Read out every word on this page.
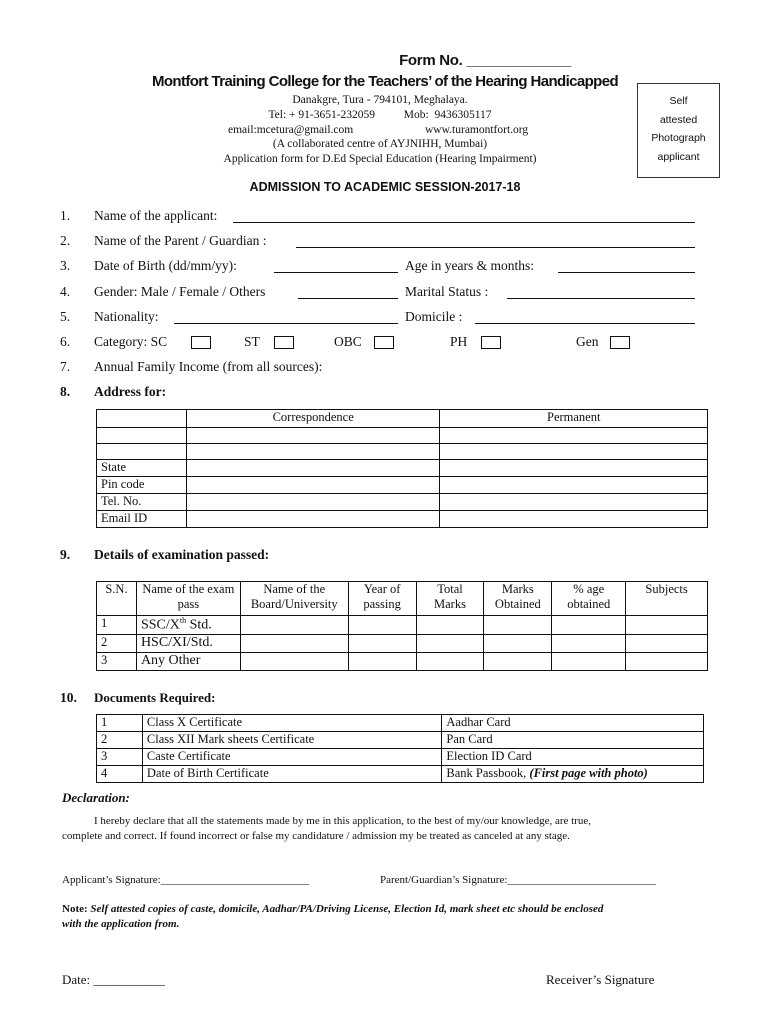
Form No. _____________
Montfort Training College for the Teachers’ of the Hearing Handicapped
Danakgre, Tura - 794101, Meghalaya.
Tel: + 91-3651-232059          Mob:  9436305117
email:mcetura@gmail.com	www.turamontfort.org
(A collaborated centre of AYJNIHH, Mumbai)
Application form for D.Ed Special Education (Hearing Impairment)
Self
attested
Photograph
applicant
ADMISSION TO ACADEMIC SESSION-2017-18
1. Name of the applicant:
2. Name of the Parent / Guardian :
3. Date of Birth (dd/mm/yy):	Age in years & months:
4. Gender: Male / Female / Others	Marital Status :
5. Nationality:	Domicile :
6. Category: SC	ST	OBC	PH	Gen
7. Annual Family Income (from all sources):
8. Address for:
	Correspondence	Permanent

State		
Pin code		
Tel. No.		
Email ID		
9. Details of examination passed:
S.N.	Name of the exam pass	Name of the Board/University	Year of passing	Total Marks	Marks Obtained	% age obtained	Subjects
1	SSC/Xth Std.						
2	HSC/XI/Std.						
3	Any Other						
10. Documents Required:
1	Class X Certificate	Aadhar Card
2	Class XII Mark sheets Certificate	Pan Card
3	Caste Certificate	Election ID Card
4	Date of Birth Certificate	Bank Passbook, (First page with photo)
Declaration:
I hereby declare that all the statements made by me in this application, to the best of my/our knowledge, are true,
complete and correct. If found incorrect or false my candidature / admission my be treated as canceled at any stage.
Applicant’s Signature:___________________________	Parent/Guardian’s Signature:___________________________
Note: Self attested copies of caste, domicile, Aadhar/PA/Driving License, Election Id, mark sheet etc should be enclosed
with the application from.
Date: ___________	Receiver’s Signature
